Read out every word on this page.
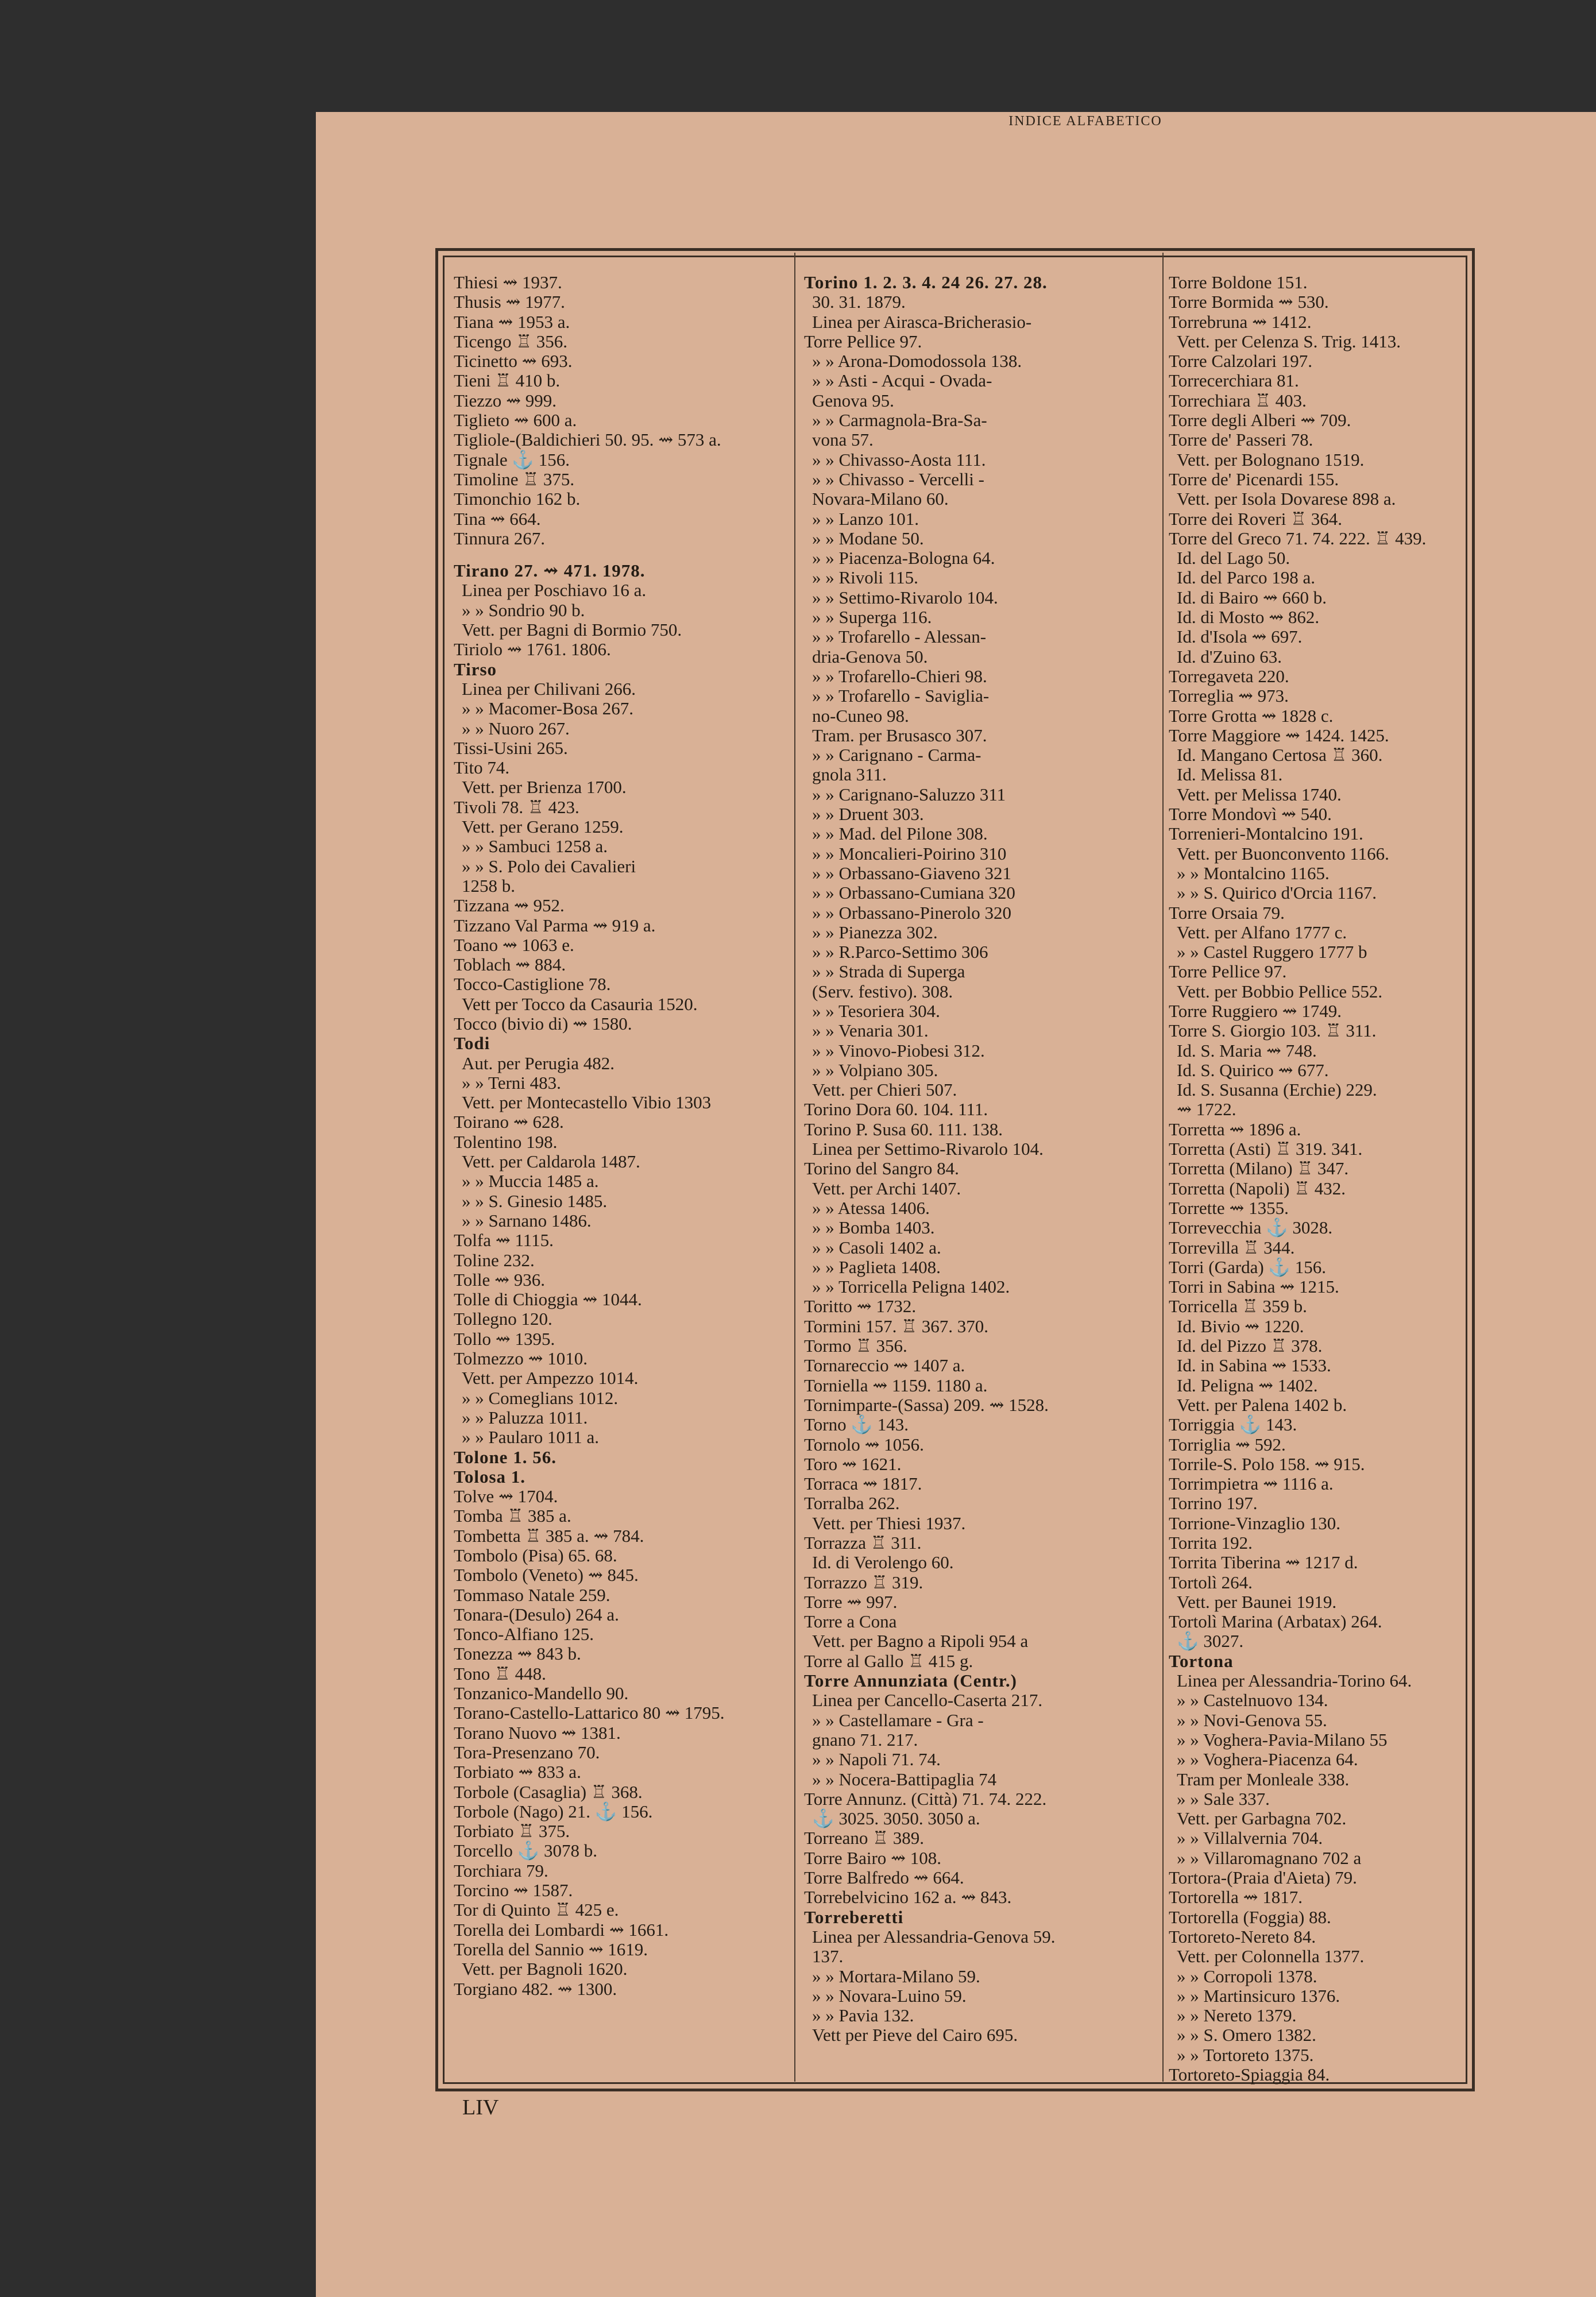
INDICE ALFABETICO
Thiesi ⇝ 1937.
Thusis ⇝ 1977.
Tiana ⇝ 1953 a.
Ticengo ♖ 356.
Ticinetto ⇝ 693.
Tieni ♖ 410 b.
Tiezzo ⇝ 999.
Tiglieto ⇝ 600 a.
Tigliole-(Baldichieri 50. 95. ⇝ 573 a.
Tignale ⚓ 156.
Timoline ♖ 375.
Timonchio 162 b.
Tina ⇝ 664.
Tinnura 267.
Tirano 27. ⇝ 471. 1978.
Linea per Poschiavo 16 a.
» » Sondrio 90 b.
Vett. per Bagni di Bormio 750.
Tiriolo ⇝ 1761. 1806.
Tirso
Linea per Chilivani 266.
» » Macomer-Bosa 267.
» » Nuoro 267.
Tissi-Usini 265.
Tito 74.
Vett. per Brienza 1700.
Tivoli 78. ♖ 423.
Vett. per Gerano 1259.
» » Sambuci 1258 a.
» » S. Polo dei Cavalieri
1258 b.
Tizzana ⇝ 952.
Tizzano Val Parma ⇝ 919 a.
Toano ⇝ 1063 e.
Toblach ⇝ 884.
Tocco-Castiglione 78.
Vett per Tocco da Casauria 1520.
Tocco (bivio di) ⇝ 1580.
Todi
Aut. per Perugia 482.
» » Terni 483.
Vett. per Montecastello Vibio 1303
Toirano ⇝ 628.
Tolentino 198.
Vett. per Caldarola 1487.
» » Muccia 1485 a.
» » S. Ginesio 1485.
» » Sarnano 1486.
Tolfa ⇝ 1115.
Toline 232.
Tolle ⇝ 936.
Tolle di Chioggia ⇝ 1044.
Tollegno 120.
Tollo ⇝ 1395.
Tolmezzo ⇝ 1010.
Vett. per Ampezzo 1014.
» » Comeglians 1012.
» » Paluzza 1011.
» » Paularo 1011 a.
Tolone 1. 56.
Tolosa 1.
Tolve ⇝ 1704.
Tomba ♖ 385 a.
Tombetta ♖ 385 a. ⇝ 784.
Tombolo (Pisa) 65. 68.
Tombolo (Veneto) ⇝ 845.
Tommaso Natale 259.
Tonara-(Desulo) 264 a.
Tonco-Alfiano 125.
Tonezza ⇝ 843 b.
Tono ♖ 448.
Tonzanico-Mandello 90.
Torano-Castello-Lattarico 80 ⇝ 1795.
Torano Nuovo ⇝ 1381.
Tora-Presenzano 70.
Torbiato ⇝ 833 a.
Torbole (Casaglia) ♖ 368.
Torbole (Nago) 21. ⚓ 156.
Torbiato ♖ 375.
Torcello ⚓ 3078 b.
Torchiara 79.
Torcino ⇝ 1587.
Tor di Quinto ♖ 425 e.
Torella dei Lombardi ⇝ 1661.
Torella del Sannio ⇝ 1619.
Vett. per Bagnoli 1620.
Torgiano 482. ⇝ 1300.
Torino 1. 2. 3. 4. 24 26. 27. 28.
30. 31. 1879.
Linea per Airasca-Bricherasio-
Torre Pellice 97.
» » Arona-Domodossola 138.
» » Asti - Acqui - Ovada-
Genova 95.
» » Carmagnola-Bra-Sa-
vona 57.
» » Chivasso-Aosta 111.
» » Chivasso - Vercelli -
Novara-Milano 60.
» » Lanzo 101.
» » Modane 50.
» » Piacenza-Bologna 64.
» » Rivoli 115.
» » Settimo-Rivarolo 104.
» » Superga 116.
» » Trofarello - Alessan-
dria-Genova 50.
» » Trofarello-Chieri 98.
» » Trofarello - Saviglia-
no-Cuneo 98.
Tram. per Brusasco 307.
» » Carignano - Carma-
gnola 311.
» » Carignano-Saluzzo 311
» » Druent 303.
» » Mad. del Pilone 308.
» » Moncalieri-Poirino 310
» » Orbassano-Giaveno 321
» » Orbassano-Cumiana 320
» » Orbassano-Pinerolo 320
» » Pianezza 302.
» » R.Parco-Settimo 306
» » Strada di Superga
(Serv. festivo). 308.
» » Tesoriera 304.
» » Venaria 301.
» » Vinovo-Piobesi 312.
» » Volpiano 305.
Vett. per Chieri 507.
Torino Dora 60. 104. 111.
Torino P. Susa 60. 111. 138.
Linea per Settimo-Rivarolo 104.
Torino del Sangro 84.
Vett. per Archi 1407.
» » Atessa 1406.
» » Bomba 1403.
» » Casoli 1402 a.
» » Paglieta 1408.
» » Torricella Peligna 1402.
Toritto ⇝ 1732.
Tormini 157. ♖ 367. 370.
Tormo ♖ 356.
Tornareccio ⇝ 1407 a.
Torniella ⇝ 1159. 1180 a.
Tornimparte-(Sassa) 209. ⇝ 1528.
Torno ⚓ 143.
Tornolo ⇝ 1056.
Toro ⇝ 1621.
Torraca ⇝ 1817.
Torralba 262.
Vett. per Thiesi 1937.
Torrazza ♖ 311.
Id. di Verolengo 60.
Torrazzo ♖ 319.
Torre ⇝ 997.
Torre a Cona
Vett. per Bagno a Ripoli 954 a
Torre al Gallo ♖ 415 g.
Torre Annunziata (Centr.)
Linea per Cancello-Caserta 217.
» » Castellamare - Gra -
gnano 71. 217.
» » Napoli 71. 74.
» » Nocera-Battipaglia 74
Torre Annunz. (Città) 71. 74. 222.
⚓ 3025. 3050. 3050 a.
Torreano ♖ 389.
Torre Bairo ⇝ 108.
Torre Balfredo ⇝ 664.
Torrebelvicino 162 a. ⇝ 843.
Torreberetti
Linea per Alessandria-Genova 59.
137.
» » Mortara-Milano 59.
» » Novara-Luino 59.
» » Pavia 132.
Vett per Pieve del Cairo 695.
Torre Boldone 151.
Torre Bormida ⇝ 530.
Torrebruna ⇝ 1412.
Vett. per Celenza S. Trig. 1413.
Torre Calzolari 197.
Torrecerchiara 81.
Torrechiara ♖ 403.
Torre degli Alberi ⇝ 709.
Torre de' Passeri 78.
Vett. per Bolognano 1519.
Torre de' Picenardi 155.
Vett. per Isola Dovarese 898 a.
Torre dei Roveri ♖ 364.
Torre del Greco 71. 74. 222. ♖ 439.
Id. del Lago 50.
Id. del Parco 198 a.
Id. di Bairo ⇝ 660 b.
Id. di Mosto ⇝ 862.
Id. d'Isola ⇝ 697.
Id. d'Zuino 63.
Torregaveta 220.
Torreglia ⇝ 973.
Torre Grotta ⇝ 1828 c.
Torre Maggiore ⇝ 1424. 1425.
Id. Mangano Certosa ♖ 360.
Id. Melissa 81.
Vett. per Melissa 1740.
Torre Mondovì ⇝ 540.
Torrenieri-Montalcino 191.
Vett. per Buonconvento 1166.
» » Montalcino 1165.
» » S. Quirico d'Orcia 1167.
Torre Orsaia 79.
Vett. per Alfano 1777 c.
» » Castel Ruggero 1777 b
Torre Pellice 97.
Vett. per Bobbio Pellice 552.
Torre Ruggiero ⇝ 1749.
Torre S. Giorgio 103. ♖ 311.
Id. S. Maria ⇝ 748.
Id. S. Quirico ⇝ 677.
Id. S. Susanna (Erchie) 229.
⇝ 1722.
Torretta ⇝ 1896 a.
Torretta (Asti) ♖ 319. 341.
Torretta (Milano) ♖ 347.
Torretta (Napoli) ♖ 432.
Torrette ⇝ 1355.
Torrevecchia ⚓ 3028.
Torrevilla ♖ 344.
Torri (Garda) ⚓ 156.
Torri in Sabina ⇝ 1215.
Torricella ♖ 359 b.
Id. Bivio ⇝ 1220.
Id. del Pizzo ♖ 378.
Id. in Sabina ⇝ 1533.
Id. Peligna ⇝ 1402.
Vett. per Palena 1402 b.
Torriggia ⚓ 143.
Torriglia ⇝ 592.
Torrile-S. Polo 158. ⇝ 915.
Torrimpietra ⇝ 1116 a.
Torrino 197.
Torrione-Vinzaglio 130.
Torrita 192.
Torrita Tiberina ⇝ 1217 d.
Tortolì 264.
Vett. per Baunei 1919.
Tortolì Marina (Arbatax) 264.
⚓ 3027.
Tortona
Linea per Alessandria-Torino 64.
» » Castelnuovo 134.
» » Novi-Genova 55.
» » Voghera-Pavia-Milano 55
» » Voghera-Piacenza 64.
Tram per Monleale 338.
» » Sale 337.
Vett. per Garbagna 702.
» » Villalvernia 704.
» » Villaromagnano 702 a
Tortora-(Praia d'Aieta) 79.
Tortorella ⇝ 1817.
Tortorella (Foggia) 88.
Tortoreto-Nereto 84.
Vett. per Colonnella 1377.
» » Corropoli 1378.
» » Martinsicuro 1376.
» » Nereto 1379.
» » S. Omero 1382.
» » Tortoreto 1375.
Tortoreto-Spiaggia 84.
LIV
